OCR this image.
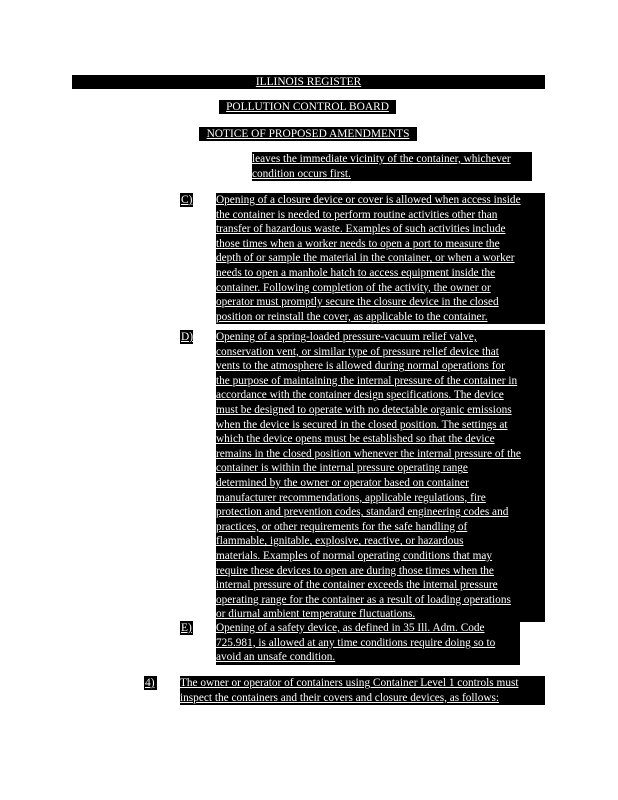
ILLINOIS REGISTER
POLLUTION CONTROL BOARD
NOTICE OF PROPOSED AMENDMENTS
leaves the immediate vicinity of the container, whichever
condition occurs first.
C) Opening of a closure device or cover is allowed when access inside
the container is needed to perform routine activities other than
transfer of hazardous waste. Examples of such activities include
those times when a worker needs to open a port to measure the
depth of or sample the material in the container, or when a worker
needs to open a manhole hatch to access equipment inside the
container. Following completion of the activity, the owner or
operator must promptly secure the closure device in the closed
position or reinstall the cover, as applicable to the container.
D) Opening of a spring-loaded pressure-vacuum relief valve,
conservation vent, or similar type of pressure relief device that
vents to the atmosphere is allowed during normal operations for
the purpose of maintaining the internal pressure of the container in
accordance with the container design specifications. The device
must be designed to operate with no detectable organic emissions
when the device is secured in the closed position. The settings at
which the device opens must be established so that the device
remains in the closed position whenever the internal pressure of the
container is within the internal pressure operating range
determined by the owner or operator based on container
manufacturer recommendations, applicable regulations, fire
protection and prevention codes, standard engineering codes and
practices, or other requirements for the safe handling of
flammable, ignitable, explosive, reactive, or hazardous
materials. Examples of normal operating conditions that may
require these devices to open are during those times when the
internal pressure of the container exceeds the internal pressure
operating range for the container as a result of loading operations
or diurnal ambient temperature fluctuations.
E) Opening of a safety device, as defined in 35 Ill. Adm. Code
725.981, is allowed at any time conditions require doing so to
avoid an unsafe condition.
4) The owner or operator of containers using Container Level 1 controls must
inspect the containers and their covers and closure devices, as follows:
